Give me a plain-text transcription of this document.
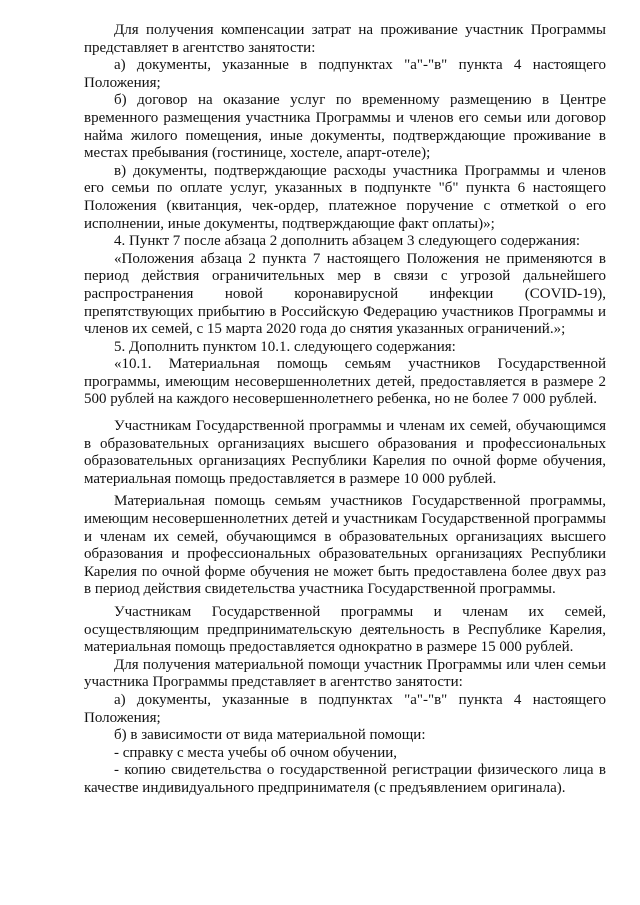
Для получения компенсации затрат на проживание участник Программы представляет в агентство занятости:

а) документы, указанные в подпунктах "а"-"в" пункта 4 настоящего Положения;

б) договор на оказание услуг по временному размещению в Центре временного размещения участника Программы и членов его семьи или договор найма жилого помещения, иные документы, подтверждающие проживание в местах пребывания (гостинице, хостеле, апарт-отеле);

в) документы, подтверждающие расходы участника Программы и членов его семьи по оплате услуг, указанных в подпункте "б" пункта 6 настоящего Положения (квитанция, чек-ордер, платежное поручение с отметкой о его исполнении, иные документы, подтверждающие факт оплаты)»;

4. Пункт 7 после абзаца 2 дополнить абзацем 3 следующего содержания:

«Положения абзаца 2 пункта 7 настоящего Положения не применяются в период действия ограничительных мер в связи с угрозой дальнейшего распространения новой коронавирусной инфекции (COVID-19), препятствующих прибытию в Российскую Федерацию участников Программы и членов их семей, с 15 марта 2020 года до снятия указанных ограничений.»;

5. Дополнить пунктом 10.1. следующего содержания:

«10.1. Материальная помощь семьям участников Государственной программы, имеющим несовершеннолетних детей, предоставляется в размере 2 500 рублей на каждого несовершеннолетнего ребенка, но не более 7 000 рублей.

Участникам Государственной программы и членам их семей, обучающимся в образовательных организациях высшего образования и профессиональных образовательных организациях Республики Карелия по очной форме обучения, материальная помощь предоставляется в размере 10 000 рублей.

Материальная помощь семьям участников Государственной программы, имеющим несовершеннолетних детей и участникам Государственной программы и членам их семей, обучающимся в образовательных организациях высшего образования и профессиональных образовательных организациях Республики Карелия по очной форме обучения не может быть предоставлена более двух раз в период действия свидетельства участника Государственной программы.

Участникам Государственной программы и членам их семей, осуществляющим предпринимательскую деятельность в Республике Карелия, материальная помощь предоставляется однократно в размере 15 000 рублей.

Для получения материальной помощи участник Программы или член семьи участника Программы представляет в агентство занятости:

а) документы, указанные в подпунктах "а"-"в" пункта 4 настоящего Положения;

б) в зависимости от вида материальной помощи:

- справку с места учебы об очном обучении,

- копию свидетельства о государственной регистрации физического лица в качестве индивидуального предпринимателя (с предъявлением оригинала).
